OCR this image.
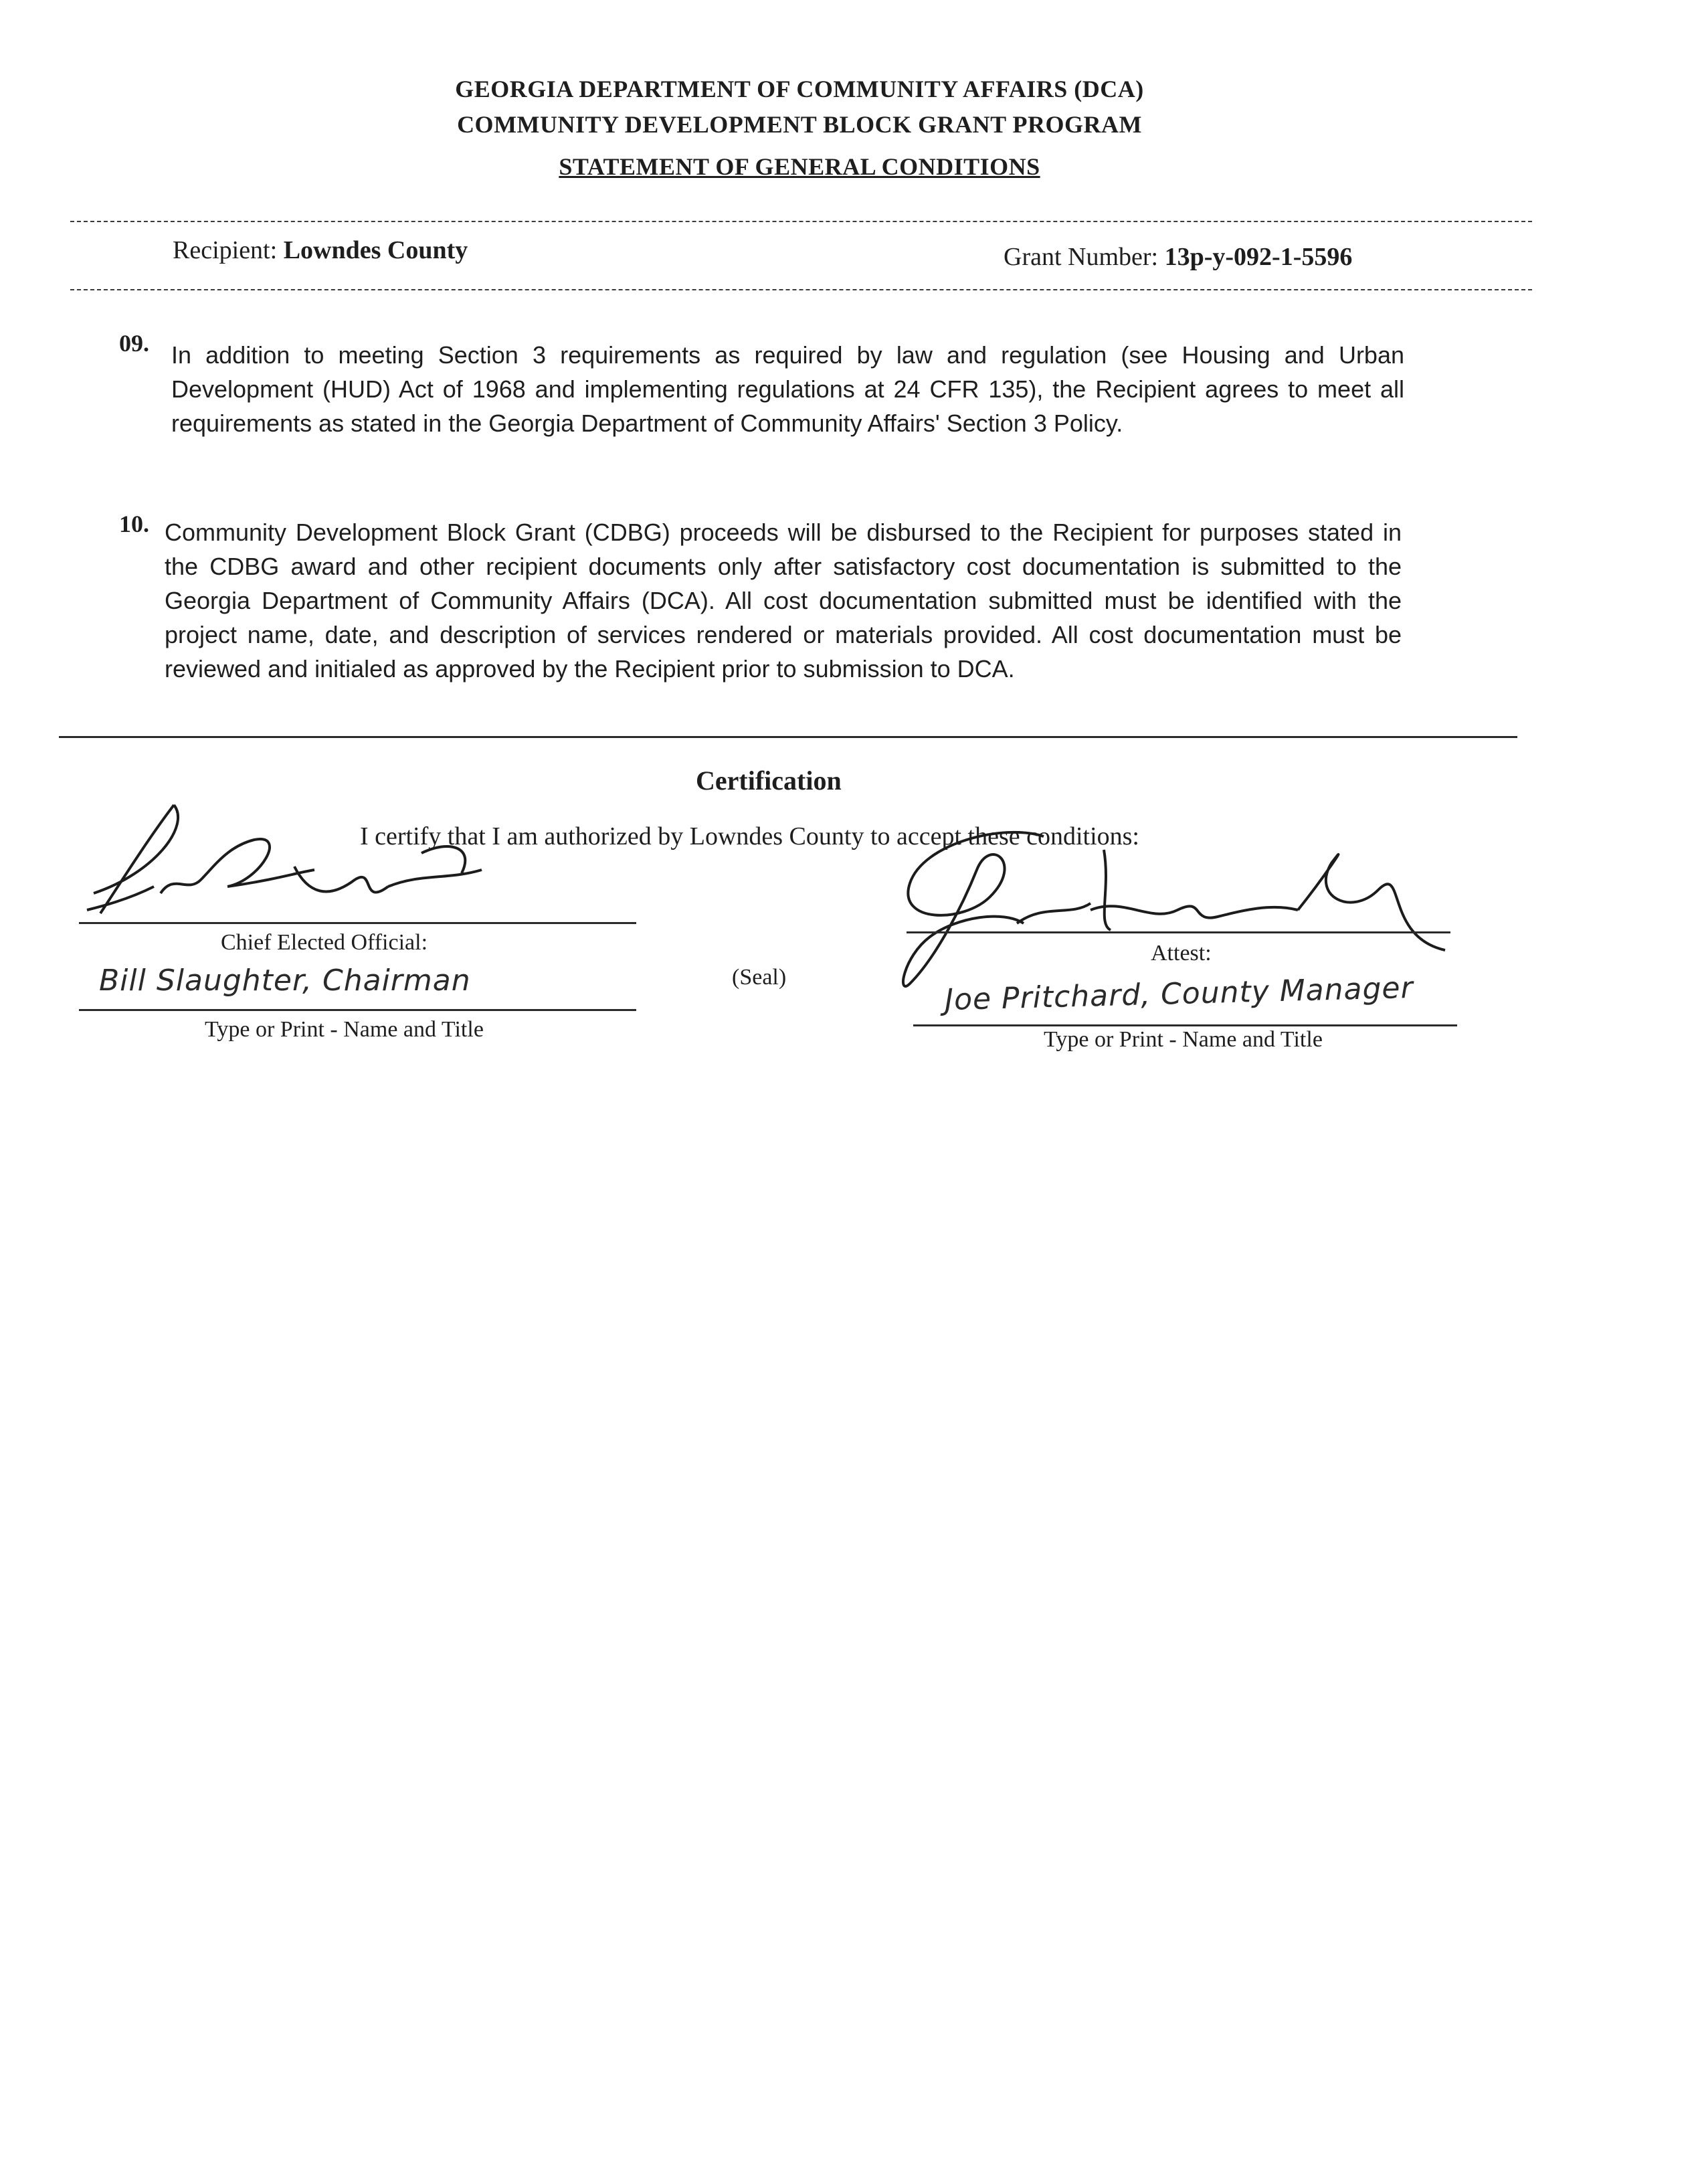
GEORGIA DEPARTMENT OF COMMUNITY AFFAIRS (DCA)
COMMUNITY DEVELOPMENT BLOCK GRANT PROGRAM
STATEMENT OF GENERAL CONDITIONS
Recipient: Lowndes County	Grant Number: 13p-y-092-1-5596
09. In addition to meeting Section 3 requirements as required by law and regulation (see Housing and Urban Development (HUD) Act of 1968 and implementing regulations at 24 CFR 135), the Recipient agrees to meet all requirements as stated in the Georgia Department of Community Affairs' Section 3 Policy.
10. Community Development Block Grant (CDBG) proceeds will be disbursed to the Recipient for purposes stated in the CDBG award and other recipient documents only after satisfactory cost documentation is submitted to the Georgia Department of Community Affairs (DCA). All cost documentation submitted must be identified with the project name, date, and description of services rendered or materials provided. All cost documentation must be reviewed and initialed as approved by the Recipient prior to submission to DCA.
Certification
I certify that I am authorized by Lowndes County to accept these conditions:
Chief Elected Official:
Bill Slaughter, Chairman
Type or Print - Name and Title
(Seal)
Attest:
Joe Pritchard, County Manager
Type or Print - Name and Title
